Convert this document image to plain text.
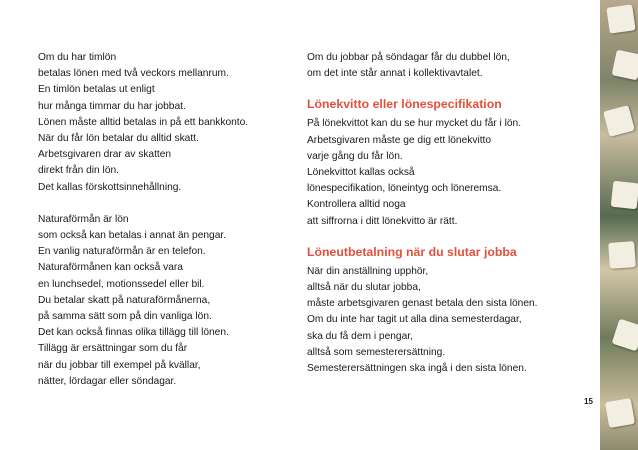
Om du har timlön
betalas lönen med två veckors mellanrum.
En timlön betalas ut enligt
hur många timmar du har jobbat.
Lönen måste alltid betalas in på ett bankkonto.
När du får lön betalar du alltid skatt.
Arbetsgivaren drar av skatten
direkt från din lön.
Det kallas förskottsinnehållning.
Naturaförmån är lön
som också kan betalas i annat än pengar.
En vanlig naturaförmån är en telefon.
Naturaförmånen kan också vara
en lunchsedel, motionssedel eller bil.
Du betalar skatt på naturaförmånerna,
på samma sätt som på din vanliga lön.
Det kan också finnas olika tillägg till lönen.
Tillägg är ersättningar som du får
när du jobbar till exempel på kvällar,
nätter, lördagar eller söndagar.
Om du jobbar på söndagar får du dubbel lön,
om det inte står annat i kollektivavtalet.
Lönekvitto eller lönespecifikation
På lönekvittot kan du se hur mycket du får i lön.
Arbetsgivaren måste ge dig ett lönekvitto
varje gång du får lön.
Lönekvittot kallas också
lönespecifikation, löneintyg och löneremsa.
Kontrollera alltid noga
att siffrorna i ditt lönekvitto är rätt.
Löneutbetalning när du slutar jobba
När din anställning upphör,
alltså när du slutar jobba,
måste arbetsgivaren genast betala den sista lönen.
Om du inte har tagit ut alla dina semesterdagar,
ska du få dem i pengar,
alltså som semesterersättning.
Semesterersättningen ska ingå i den sista lönen.
15
